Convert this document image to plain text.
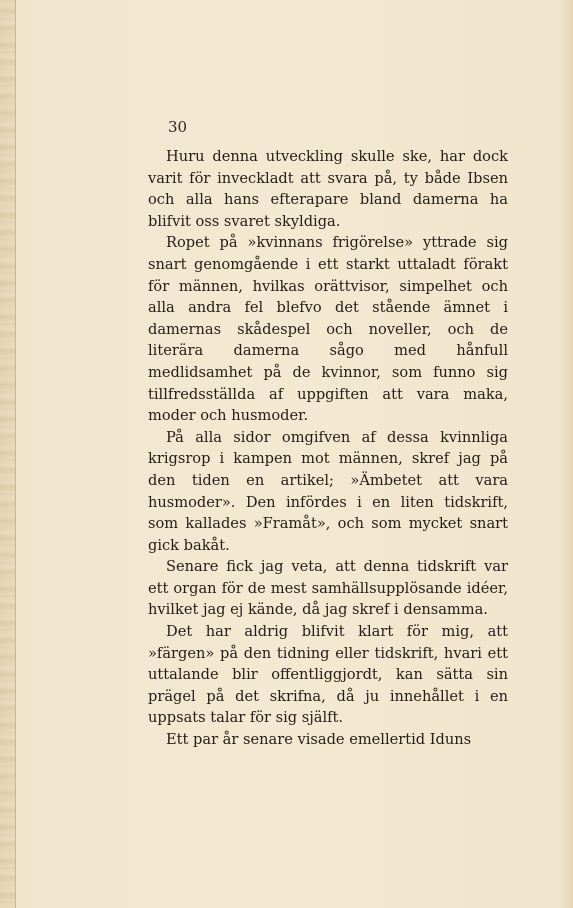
30

Huru denna utveckling skulle ske, har dock varit för inveckladt att svara på, ty både Ibsen och alla hans efterapare bland damerna ha blifvit oss svaret skyldiga.

Ropet på »kvinnans frigörelse» yttrade sig snart genomgående i ett starkt uttaladt förakt för männen, hvilkas orättvisor, simpelhet och alla andra fel blefvo det stående ämnet i damernas skådespel och noveller, och de literära damerna sågo med hånfull medlidsamhet på de kvinnor, som funno sig tillfredsställda af uppgiften att vara maka, moder och husmoder.

På alla sidor omgifven af dessa kvinnliga krigsrop i kampen mot männen, skref jag på den tiden en artikel; »Ämbetet att vara husmoder». Den infördes i en liten tidskrift, som kallades »Framåt», och som mycket snart gick bakåt.

Senare fick jag veta, att denna tidskrift var ett organ för de mest samhällsupplösande idéer, hvilket jag ej kände, då jag skref i densamma.

Det har aldrig blifvit klart för mig, att »färgen» på den tidning eller tidskrift, hvari ett uttalande blir offentliggjordt, kan sätta sin prägel på det skrifna, då ju innehållet i en uppsats talar för sig själft.

Ett par år senare visade emellertid Iduns
